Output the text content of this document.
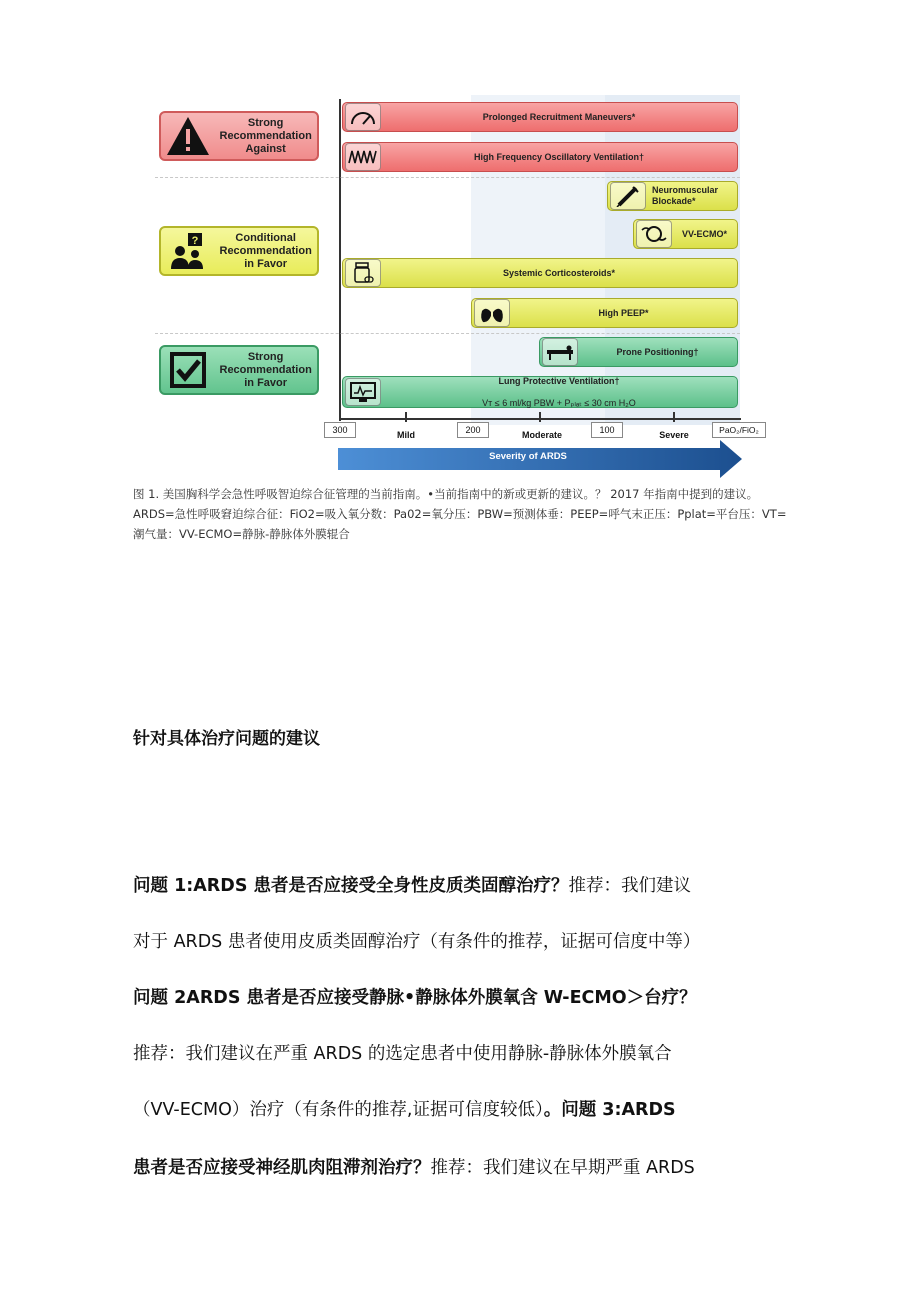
Strong
Recommendation
Against
?	Conditional
Recommendation
in Favor
Strong
Recommendation
in Favor
Prolonged Recruitment Maneuvers*
High Frequency Oscillatory Ventilation†
Neuromuscular
Blockade*
VV-ECMO*
Systemic Corticosteroids*
High PEEP*
Prone Positioning†

Lung Protective Ventilation†

Vᴛ ≤ 6 ml/kg PBW + Pₚₗₐₜ ≤ 30 cm H₂O

300	200	100	PaO₂/FiO₂
Mild	Moderate	Severe
Severity of ARDS
图 1. 美国胸科学会急性呼吸智迫综合征管理的当前指南。•当前指南中的新或更新的建议。？ 2017 年指南中提到的建议。ARDS=急性呼吸窘迫综合征：FiO2=吸入氧分数：Pa02=氧分压：PBW=预测体垂：PEEP=呼气末正压：Pplat=平台压：VT=潮气量：VV-ECMO=静脉-静脉体外膜辊合
针对具体治疗问题的建议
问题 1:ARDS 患者是否应接受全身性皮质类固醇治疗？推荐：我们建议
对于 ARDS 患者使用皮质类固醇治疗（有条件的推荐，证据可信度中等）
问题 2ARDS 患者是否应接受静脉•静脉体外膜氧含 W-ECMO＞台疗？
推荐：我们建议在严重 ARDS 的选定患者中使用静脉-静脉体外膜氧合
（VV-ECMO）治疗（有条件的推荐,证据可信度较低）。问题 3:ARDS
患者是否应接受神经肌肉阻滞剂治疗？推荐：我们建议在早期严重 ARDS
